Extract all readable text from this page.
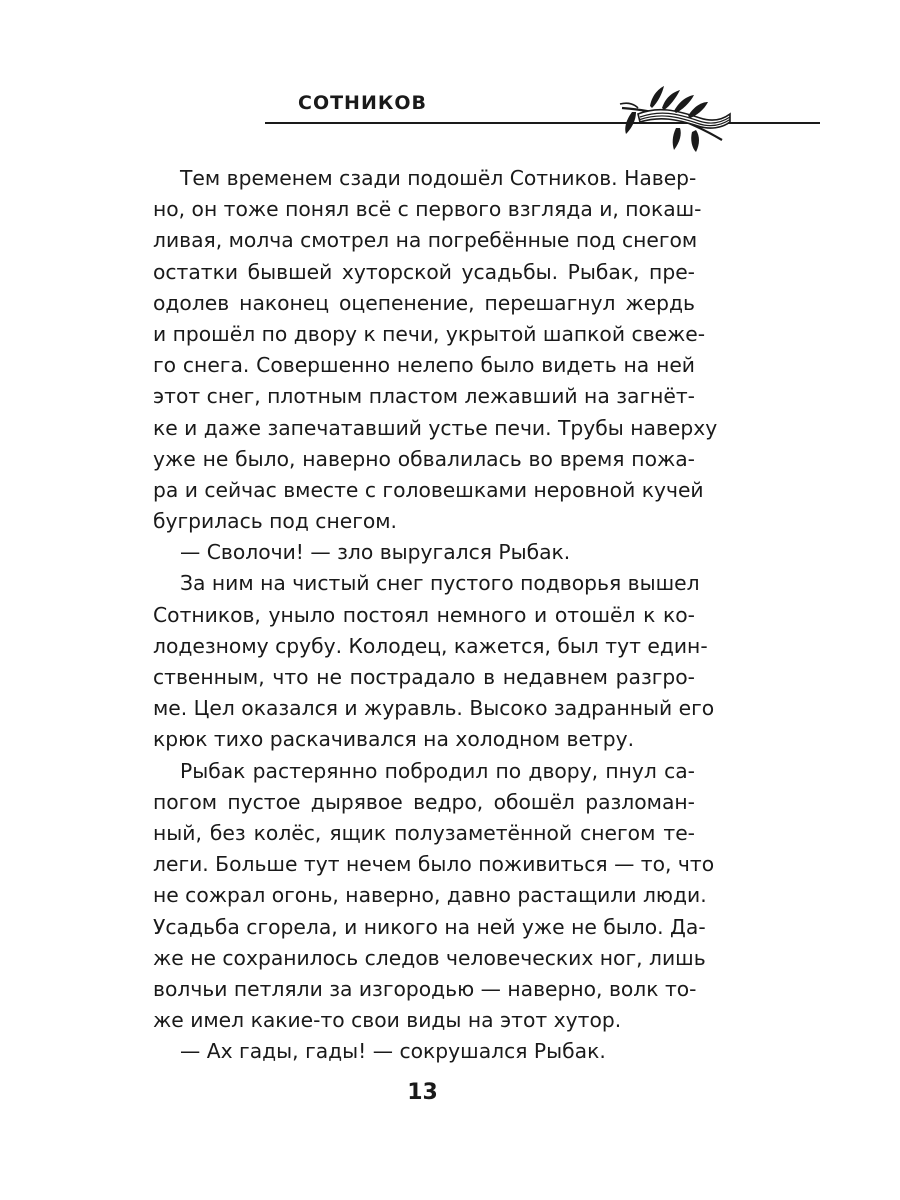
СОТНИКОВ
Тем временем сзади подошёл Сотников. Навер-
но, он тоже понял всё с первого взгляда и, покаш-
ливая, молча смотрел на погребённые под снегом
остатки бывшей хуторской усадьбы. Рыбак, пре-
одолев наконец оцепенение, перешагнул жердь
и прошёл по двору к печи, укрытой шапкой свеже-
го снега. Совершенно нелепо было видеть на ней
этот снег, плотным пластом лежавший на загнёт-
ке и даже запечатавший устье печи. Трубы наверху
уже не было, наверно обвалилась во время пожа-
ра и сейчас вместе с головешками неровной кучей
бугрилась под снегом.
— Сволочи! — зло выругался Рыбак.
За ним на чистый снег пустого подворья вышел
Сотников, уныло постоял немного и отошёл к ко-
лодезному срубу. Колодец, кажется, был тут един-
ственным, что не пострадало в недавнем разгро-
ме. Цел оказался и журавль. Высоко задранный его
крюк тихо раскачивался на холодном ветру.
Рыбак растерянно побродил по двору, пнул са-
погом пустое дырявое ведро, обошёл разломан-
ный, без колёс, ящик полузаметённой снегом те-
леги. Больше тут нечем было поживиться — то, что
не сожрал огонь, наверно, давно растащили люди.
Усадьба сгорела, и никого на ней уже не было. Да-
же не сохранилось следов человеческих ног, лишь
волчьи петляли за изгородью — наверно, волк то-
же имел какие-то свои виды на этот хутор.
— Ах гады, гады! — сокрушался Рыбак.
13
